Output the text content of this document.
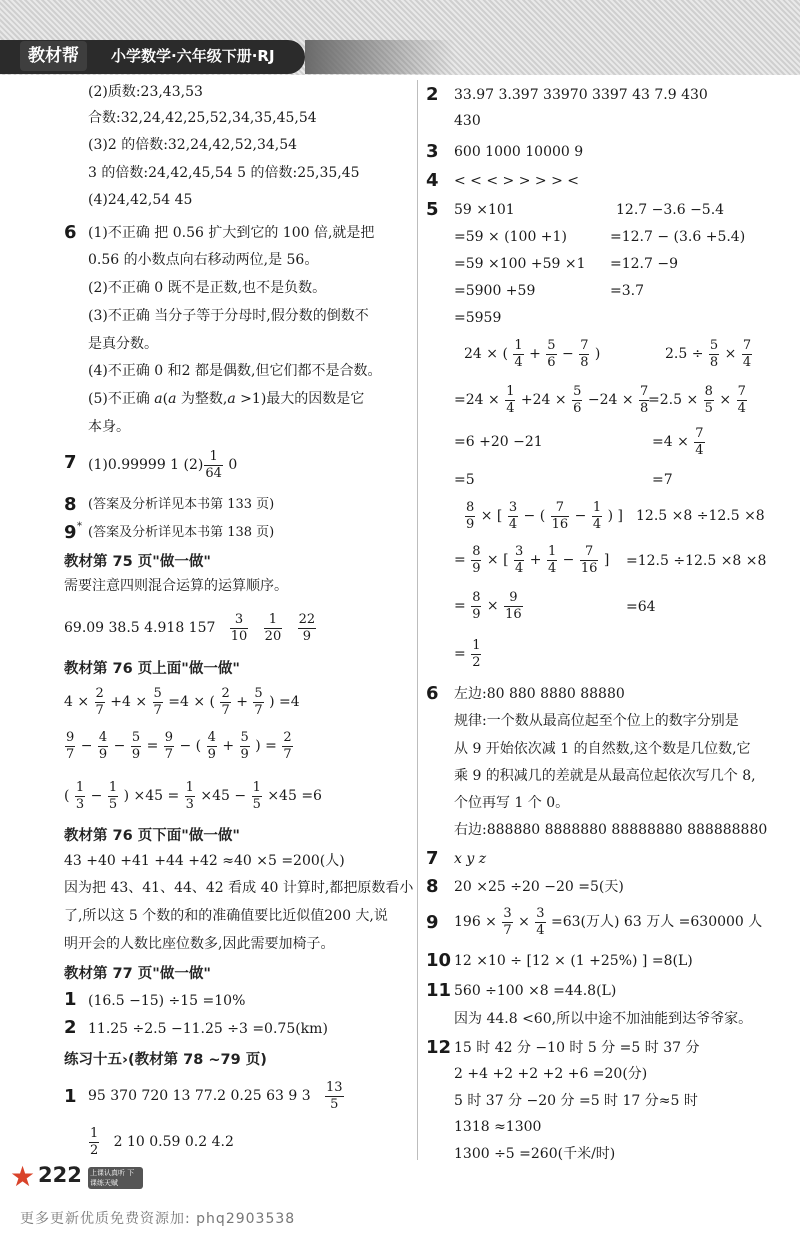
教材帮	小学数学·六年级下册·RJ
(2)质数:23,43,53
合数:32,24,42,25,52,34,35,45,54
(3)2 的倍数:32,24,42,52,34,54
3 的倍数:24,42,45,54 5 的倍数:25,35,45
(4)24,42,54 45
6 (1)不正确 把 0.56 扩大到它的 100 倍,就是把
0.56 的小数点向右移动两位,是 56。
(2)不正确 0 既不是正数,也不是负数。
(3)不正确 当分子等于分母时,假分数的倒数不
是真分数。
(4)不正确 0 和2 都是偶数,但它们都不是合数。
(5)不正确 a(a 为整数,a >1)最大的因数是它
本身。
7 (1)0.99999 1 $(2) \frac{1}{64} 0$
8 (答案及分析详见本书第 133 页)
9 * (答案及分析详见本书第 138 页)
教材第 75 页"做一做"
需要注意四则混合运算的运算顺序。
69.09 38.5 4.918 $157 \frac{3}{10}$
$\frac{1}{20}$
$\frac{22}{9}$
教材第 76 页上面"做一做"
$4 \times \frac{2}{7} +4 \times \frac{5}{7} =4$ × ( $\frac{2}{7} + \frac{5}{7}$ ) =4
$\frac{9}{7} - \frac{4}{9} - \frac{5}{9} = \frac{9}{7}$ − ( $\frac{4}{9} + \frac{5}{9}$ ) = $\frac{2}{7}$
( $\frac{1}{3} - \frac{1}{5}$ ) $\times 45 = \frac{1}{3} \times 45 - \frac{1}{5} \times 45 =6$
教材第 76 页下面"做一做"
43 +40 +41 +44 +42 ≈40 ×5 =200(人)
因为把 43、41、44、42 看成 40 计算时,都把原数看小
了,所以这 5 个数的和的准确值要比近似值200 大,说
明开会的人数比座位数多,因此需要加椅子。
教材第 77 页"做一做"
1 (16.5 −15) ÷15 =10%
2 11.25 ÷2.5 −11.25 ÷3 =0.75(km)
练习十五›(教材第 78 ~79 页)
1 95 370 720 13 77.2 0.25 63 9 $3 \frac{13}{5}$
$\frac{1}{2} 2$ 10 0.59 0.2 4.2
2	33.97 3.397 33970 3397 43 7.9 430
430
3	600 1000 10000 9
4	< < < > > > > <
5	59 ×101
=59 × (100 +1)
=59 ×100 +59 ×1
=5900 +59
=5959
12.7 −3.6 −5.4
=12.7 − (3.6 +5.4)
=12.7 −9
=3.7
24 × ( $\frac{1}{4} + \frac{5}{6} - \frac{7}{8}$ )	$2.5 \div \frac{5}{8} \times \frac{7}{4}$
$=24 \times \frac{1}{4} +24 \times \frac{5}{6} -24 \times \frac{7}{8}$
$=2.5 \times \frac{8}{5} \times \frac{7}{4}$
=6 +20 −21	$=4 \times \frac{7}{4}$
=5	=7
$\frac{8}{9}$ × [ $\frac{3}{4}$ − ( $\frac{7}{16} - \frac{1}{4}$ ) ] 12.5 ×8 ÷12.5 ×8
= $\frac{8}{9}$ × [ $\frac{3}{4} + \frac{1}{4} - \frac{7}{16}$ ] =12.5 ÷12.5 ×8 ×8
= $\frac{8}{9} \times \frac{9}{16}$	=64
= $\frac{1}{2}$
6	左边:80 880 8880 88880
规律:一个数从最高位起至个位上的数字分别是
从 9 开始依次减 1 的自然数,这个数是几位数,它
乘 9 的积减几的差就是从最高位起依次写几个 8,
个位再写 1 个 0。
右边:888880 8888880 88888880 888888880
7	x y z
8	20 ×25 ÷20 −20 =5(天)
9	$196 \times \frac{3}{7} \times \frac{3}{4} =63$(万人) 63 万人 =630000 人
10 12 ×10 ÷ [12 × (1 +25%) ] =8(L)
11 560 ÷100 ×8 =44.8(L)
因为 44.8 <60,所以中途不加油能到达爷爷家。
12 15 时 42 分 −10 时 5 分 =5 时 37 分
2 +4 +2 +2 +2 +6 =20(分)
5 时 37 分 −20 分 =5 时 17 分≈5 时
1318 ≈1300
1300 ÷5 =260(千米/时)
★ 222 上课认真听 下课练天赋
更多更新优质免费资源加: phq2903538
